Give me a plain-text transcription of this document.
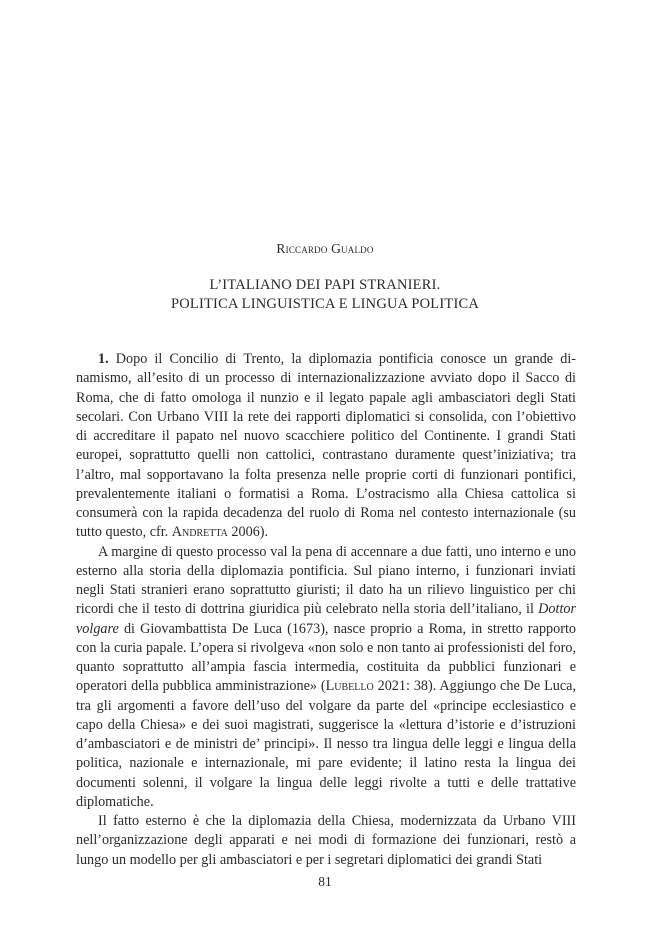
Riccardo Gualdo
L’ITALIANO DEI PAPI STRANIERI.
POLITICA LINGUISTICA E LINGUA POLITICA

1. Dopo il Concilio di Trento, la diplomazia pontificia conosce un grande dinamismo, all’esito di un processo di internazionalizzazione avviato dopo il Sacco di Roma, che di fatto omologa il nunzio e il legato papale agli ambasciatori degli Stati secolari. Con Urbano VIII la rete dei rapporti diplomatici si consolida, con l’obiettivo di accreditare il papato nel nuovo scacchiere politico del Continente. I grandi Stati europei, soprattutto quelli non cattolici, contrastano duramente quest’iniziativa; tra l’altro, mal sopportavano la folta presenza nelle proprie corti di funzionari pontifici, prevalentemente italiani o formatisi a Roma. L’ostracismo alla Chiesa cattolica si consumerà con la rapida decadenza del ruolo di Roma nel contesto internazionale (su tutto questo, cfr. Andretta 2006).

A margine di questo processo val la pena di accennare a due fatti, uno interno e uno esterno alla storia della diplomazia pontificia. Sul piano interno, i funzionari inviati negli Stati stranieri erano soprattutto giuristi; il dato ha un rilievo linguistico per chi ricordi che il testo di dottrina giuridica più celebrato nella storia dell’italiano, il Dottor volgare di Giovambattista De Luca (1673), nasce proprio a Roma, in stretto rapporto con la curia papale. L’opera si rivolgeva «non solo e non tanto ai professionisti del foro, quanto soprattutto all’ampia fascia intermedia, costituita da pubblici funzionari e operatori della pubblica amministrazione» (Lubello 2021: 38). Aggiungo che De Luca, tra gli argomenti a favore dell’uso del volgare da parte del «principe ecclesiastico e capo della Chiesa» e dei suoi magistrati, suggerisce la «lettura d’istorie e d’istruzioni d’ambasciatori e de ministri de’ principi». Il nesso tra lingua delle leggi e lingua della politica, nazionale e internazionale, mi pare evidente; il latino resta la lingua dei documenti solenni, il volgare la lingua delle leggi rivolte a tutti e delle trattative diplomatiche.

Il fatto esterno è che la diplomazia della Chiesa, modernizzata da Urbano VIII nell’organizzazione degli apparati e nei modi di formazione dei funzionari, restò a lungo un modello per gli ambasciatori e per i segretari diplomatici dei grandi Stati

81
